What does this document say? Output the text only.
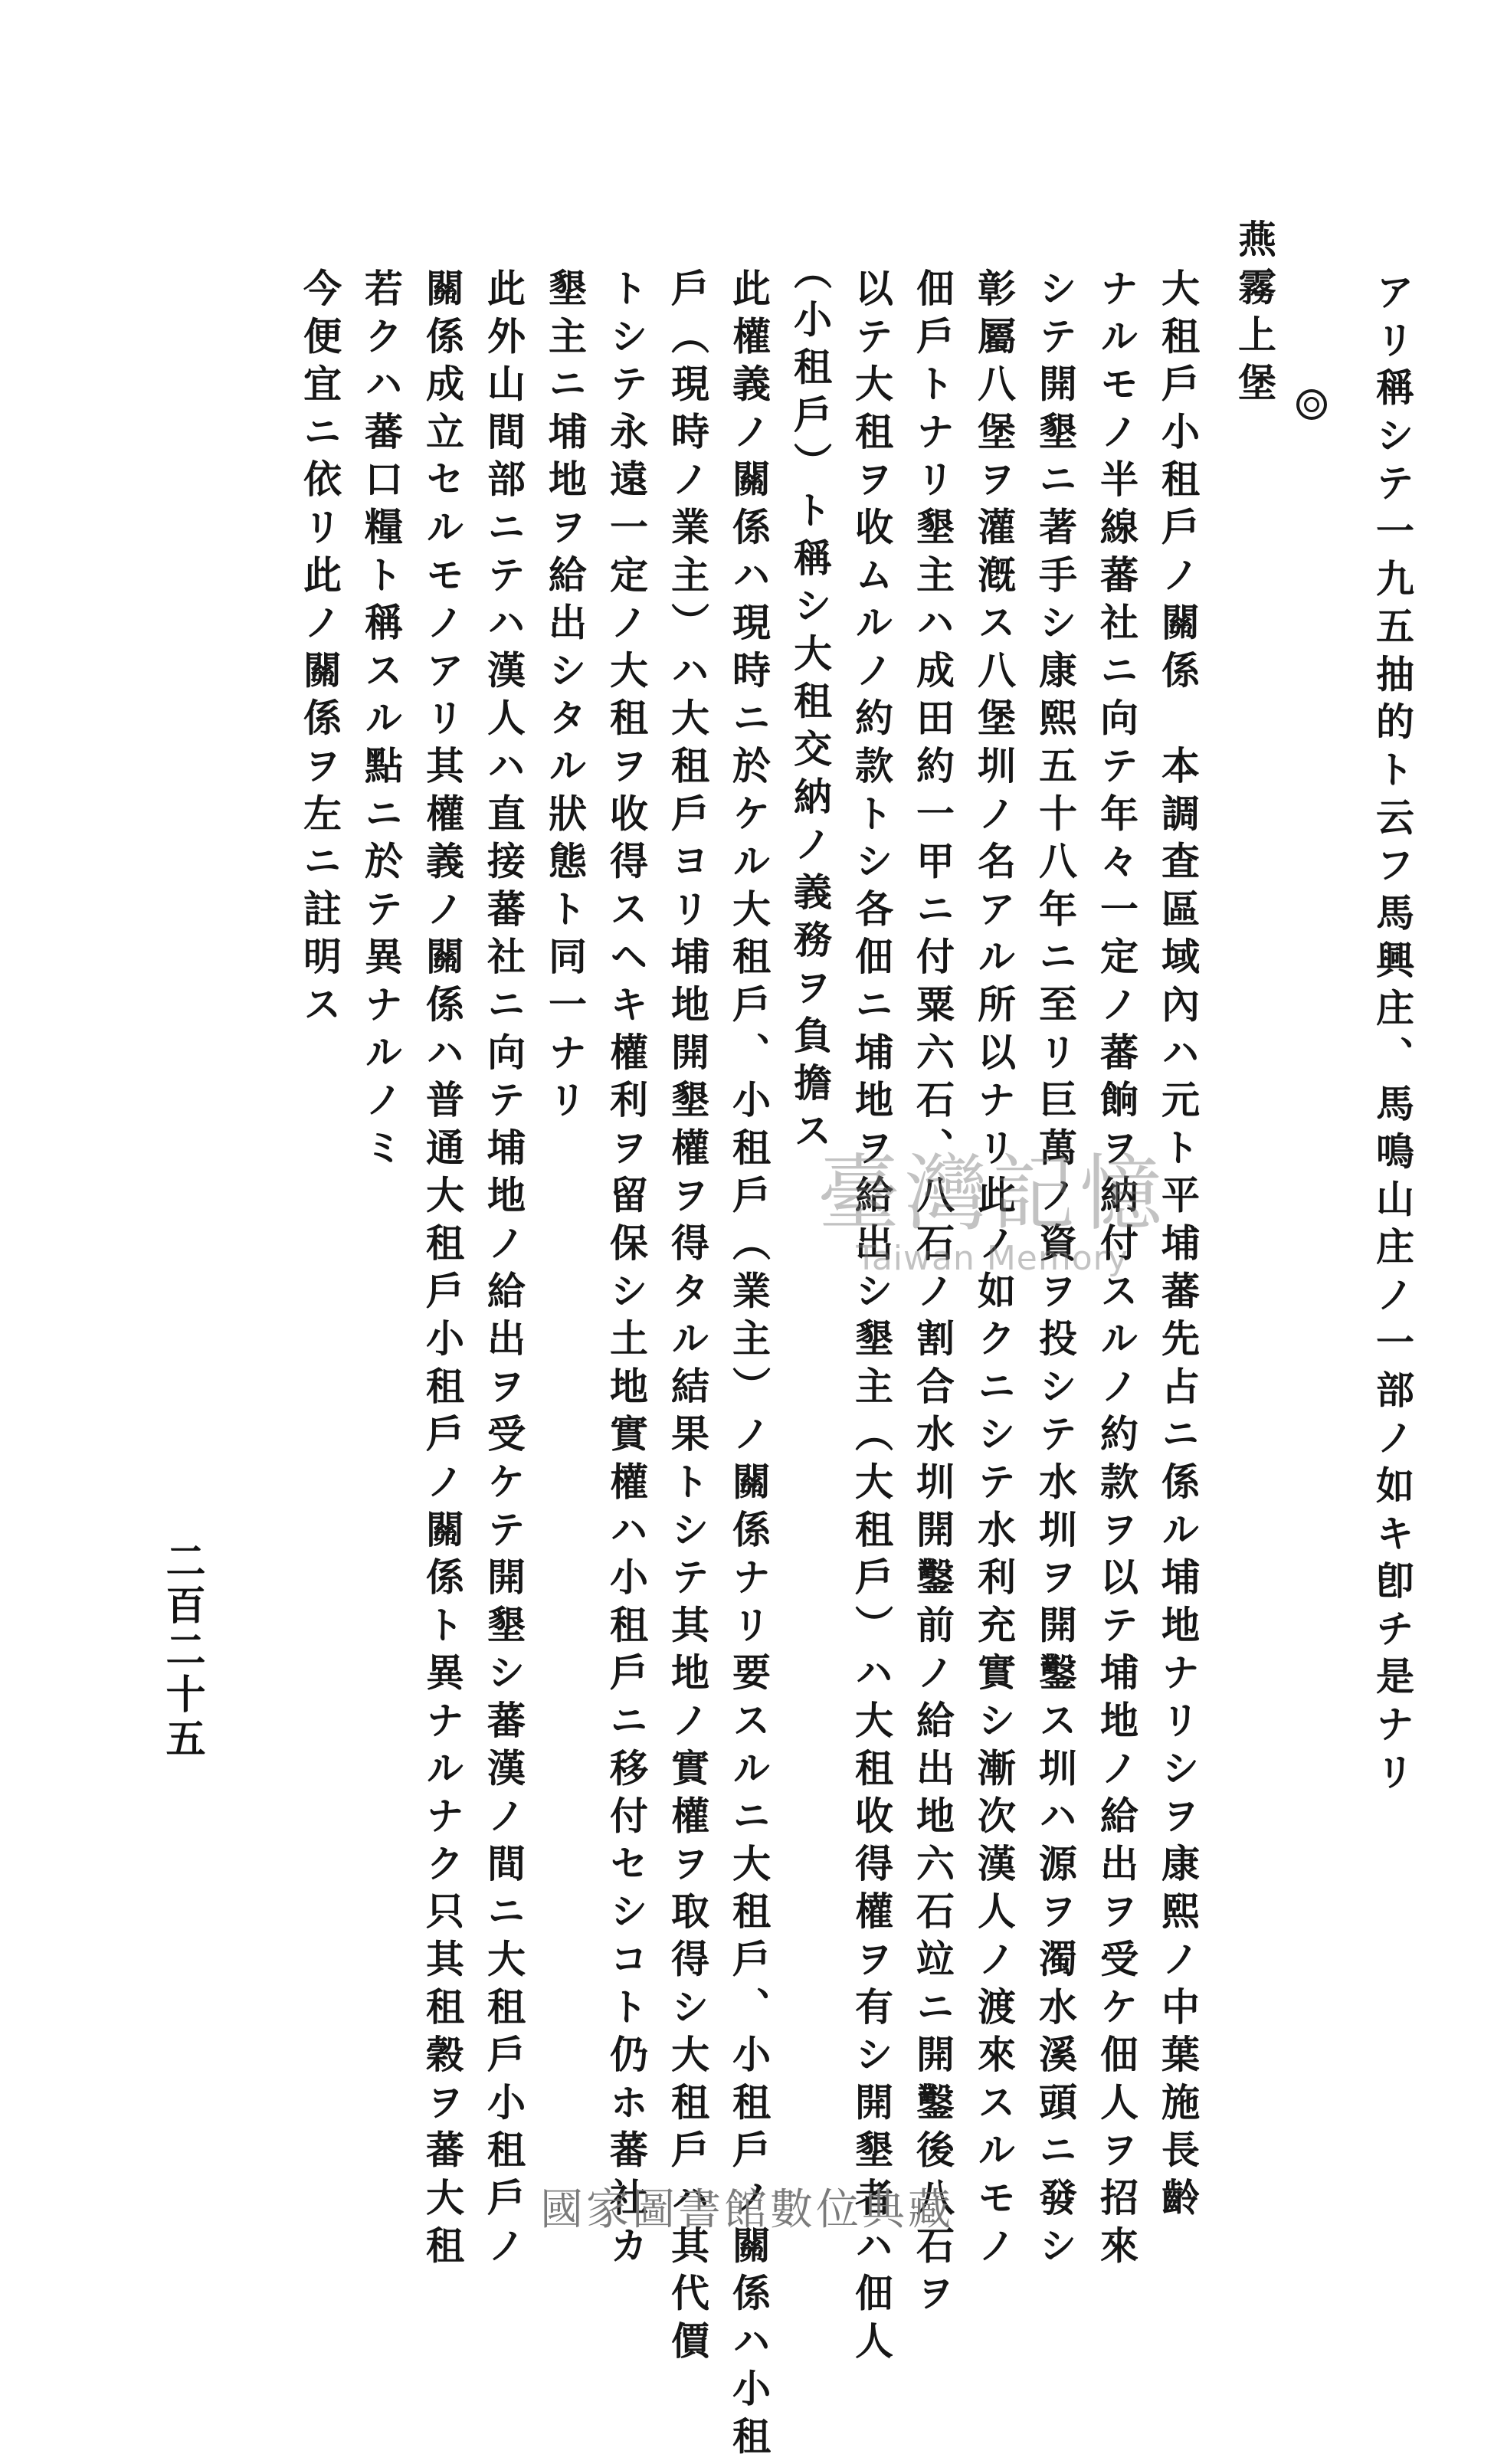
アリ稱シテ一九五抽的ト云フ馬興庄、馬鳴山庄ノ一部ノ如キ卽チ是ナリ
燕霧上堡
大租戶小租戶ノ關係　本調査區域內ハ元ト平埔蕃先占ニ係ル埔地ナリシヲ康熙ノ中葉施長齡
ナルモノ半線蕃社ニ向テ年々一定ノ蕃餉ヲ納付スルノ約款ヲ以テ埔地ノ給出ヲ受ケ佃人ヲ招來
シテ開墾ニ著手シ康熙五十八年ニ至リ巨萬ノ資ヲ投シテ水圳ヲ開鑿ス圳ハ源ヲ濁水溪頭ニ發シ
彰屬八堡ヲ灌漑ス八堡圳ノ名アル所以ナリ此ノ如クニシテ水利充實シ漸次漢人ノ渡來スルモノ
佃戶トナリ墾主ハ成田約一甲ニ付粟六石、八石ノ割合水圳開鑿前ノ給出地六石竝ニ開鑿後八石ヲ
以テ大租ヲ收ムルノ約款トシ各佃ニ埔地ヲ給出シ墾主（大租戶）ハ大租收得權ヲ有シ開墾者ハ佃人
（小租戶）ト稱シ大租交納ノ義務ヲ負擔ス
此權義ノ關係ハ現時ニ於ケル大租戶、小租戶（業主）ノ關係ナリ要スルニ大租戶、小租戶ノ關係ハ小租
戶（現時ノ業主）ハ大租戶ヨリ埔地開墾權ヲ得タル結果トシテ其地ノ實權ヲ取得シ大租戶ハ其代價
トシテ永遠一定ノ大租ヲ收得スヘキ權利ヲ留保シ土地實權ハ小租戶ニ移付セシコト仍ホ蕃社カ
墾主ニ埔地ヲ給出シタル狀態ト同一ナリ
此外山間部ニテハ漢人ハ直接蕃社ニ向テ埔地ノ給出ヲ受ケテ開墾シ蕃漢ノ間ニ大租戶小租戶ノ
關係成立セルモノアリ其權義ノ關係ハ普通大租戶小租戶ノ關係ト異ナルナク只其租穀ヲ蕃大租
若クハ蕃口糧ト稱スル點ニ於テ異ナルノミ
今便宜ニ依リ此ノ關係ヲ左ニ註明ス
二百二十五
臺灣記憶
Taiwan Memory
國家圖書館數位典藏
